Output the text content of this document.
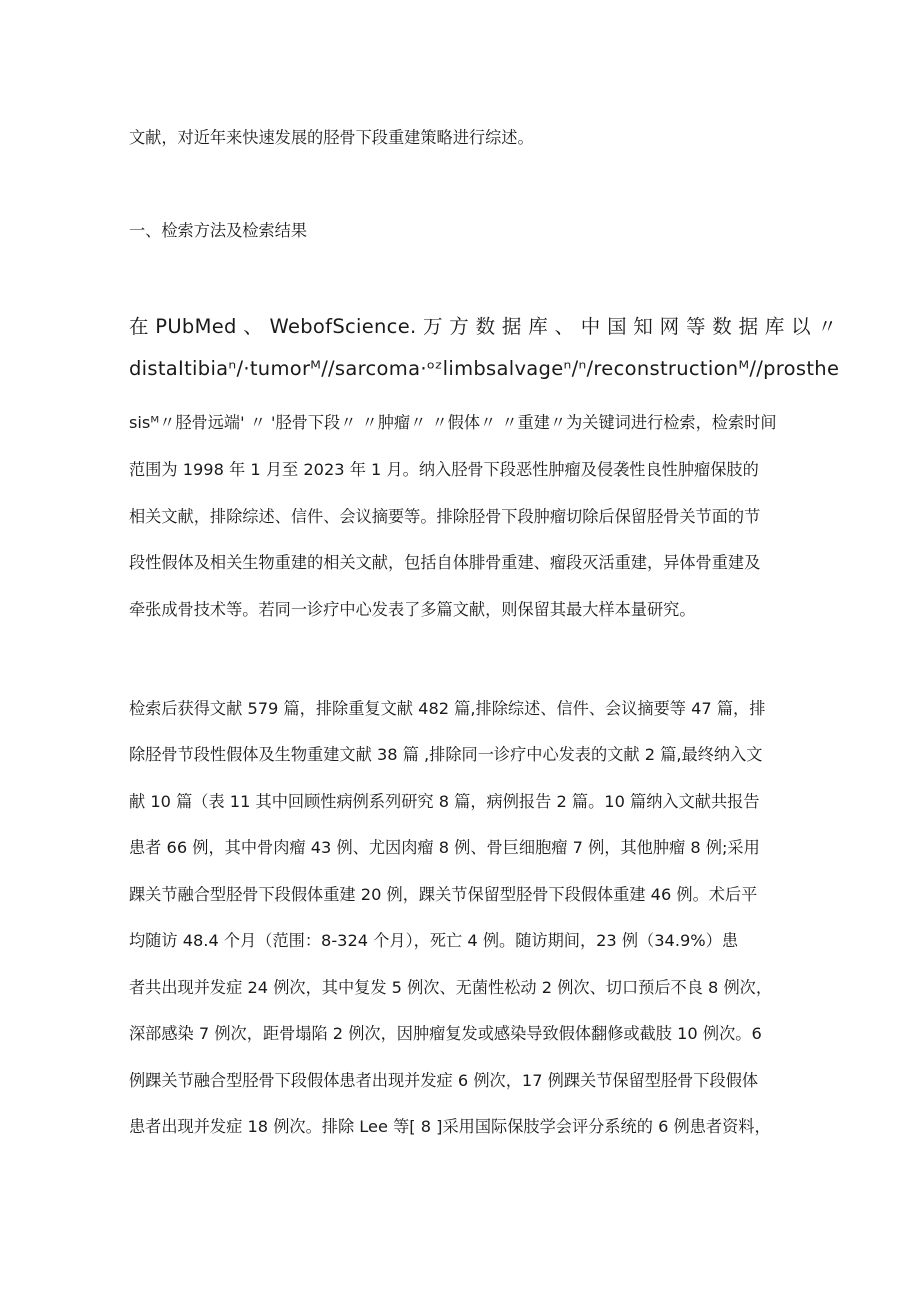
文献，对近年来快速发展的胫骨下段重建策略进行综述。
一、检索方法及检索结果
在 PUbMed 、 WebofScience. 万 方 数 据 库 、 中 国 知 网 等 数 据 库 以 〃
distaItibiaⁿ/·tumorᴹ//sarcoma·ᵒᶻlimbsalvageⁿ/ⁿ/reconstructionᴹ//prosthe
sisᴹ〃胫骨远端' 〃 '胫骨下段〃 〃肿瘤〃 〃假体〃 〃重建〃为关键词进行检索，检索时间
范围为 1998 年 1 月至 2023 年 1 月。纳入胫骨下段恶性肿瘤及侵袭性良性肿瘤保肢的
相关文献，排除综述、信件、会议摘要等。排除胫骨下段肿瘤切除后保留胫骨关节面的节
段性假体及相关生物重建的相关文献，包括自体腓骨重建、瘤段灭活重建，异体骨重建及
牵张成骨技术等。若同一诊疗中心发表了多篇文献，则保留其最大样本量研究。
检索后获得文献 579 篇，排除重复文献 482 篇,排除综述、信件、会议摘要等 47 篇，排
除胫骨节段性假体及生物重建文献 38 篇 ,排除同一诊疗中心发表的文献 2 篇,最终纳入文
献 10 篇（表 11 其中回顾性病例系列研究 8 篇，病例报告 2 篇。10 篇纳入文献共报告
患者 66 例，其中骨肉瘤 43 例、尤因肉瘤 8 例、骨巨细胞瘤 7 例，其他肿瘤 8 例;采用
踝关节融合型胫骨下段假体重建 20 例，踝关节保留型胫骨下段假体重建 46 例。术后平
均随访 48.4 个月（范围：8-324 个月），死亡 4 例。随访期间，23 例（34.9%）患
者共出现并发症 24 例次，其中复发 5 例次、无菌性松动 2 例次、切口预后不良 8 例次，
深部感染 7 例次，距骨塌陷 2 例次，因肿瘤复发或感染导致假体翻修或截肢 10 例次。6
例踝关节融合型胫骨下段假体患者出现并发症 6 例次，17 例踝关节保留型胫骨下段假体
患者出现并发症 18 例次。排除 Lee 等[ 8 ]采用国际保肢学会评分系统的 6 例患者资料，
